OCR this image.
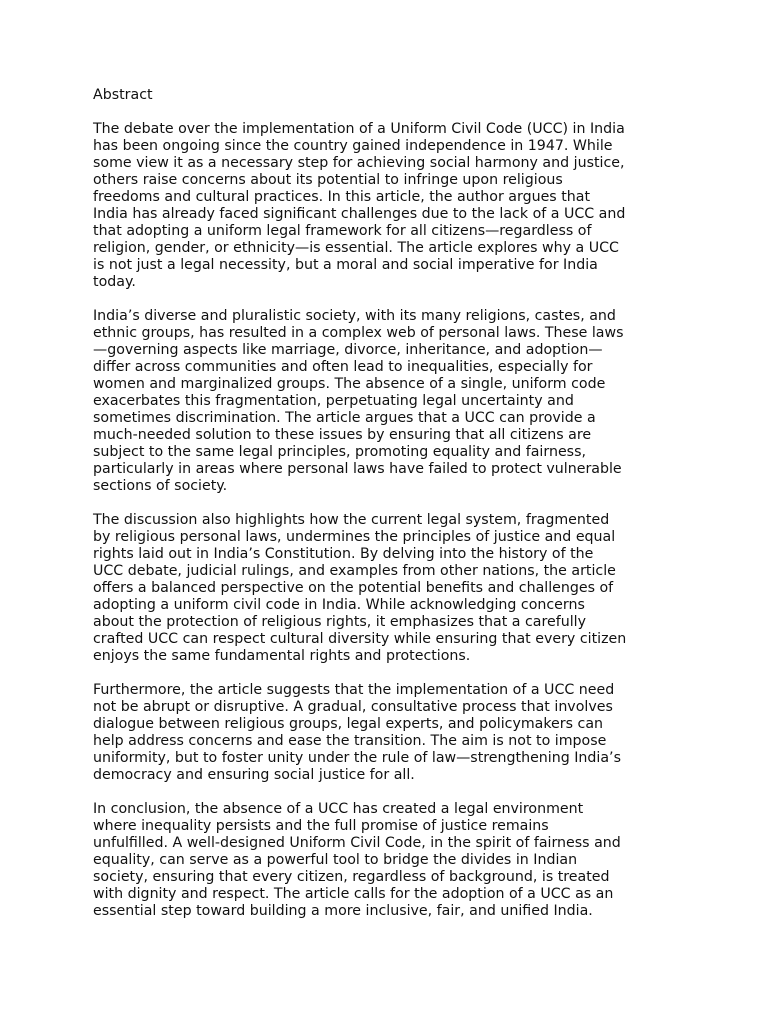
Abstract
The debate over the implementation of a Uniform Civil Code (UCC) in India
has been ongoing since the country gained independence in 1947. While
some view it as a necessary step for achieving social harmony and justice,
others raise concerns about its potential to infringe upon religious
freedoms and cultural practices. In this article, the author argues that
India has already faced significant challenges due to the lack of a UCC and
that adopting a uniform legal framework for all citizens—regardless of
religion, gender, or ethnicity—is essential. The article explores why a UCC
is not just a legal necessity, but a moral and social imperative for India
today.
India’s diverse and pluralistic society, with its many religions, castes, and
ethnic groups, has resulted in a complex web of personal laws. These laws
—governing aspects like marriage, divorce, inheritance, and adoption—
differ across communities and often lead to inequalities, especially for
women and marginalized groups. The absence of a single, uniform code
exacerbates this fragmentation, perpetuating legal uncertainty and
sometimes discrimination. The article argues that a UCC can provide a
much-needed solution to these issues by ensuring that all citizens are
subject to the same legal principles, promoting equality and fairness,
particularly in areas where personal laws have failed to protect vulnerable
sections of society.
The discussion also highlights how the current legal system, fragmented
by religious personal laws, undermines the principles of justice and equal
rights laid out in India’s Constitution. By delving into the history of the
UCC debate, judicial rulings, and examples from other nations, the article
offers a balanced perspective on the potential benefits and challenges of
adopting a uniform civil code in India. While acknowledging concerns
about the protection of religious rights, it emphasizes that a carefully
crafted UCC can respect cultural diversity while ensuring that every citizen
enjoys the same fundamental rights and protections.
Furthermore, the article suggests that the implementation of a UCC need
not be abrupt or disruptive. A gradual, consultative process that involves
dialogue between religious groups, legal experts, and policymakers can
help address concerns and ease the transition. The aim is not to impose
uniformity, but to foster unity under the rule of law—strengthening India’s
democracy and ensuring social justice for all.
In conclusion, the absence of a UCC has created a legal environment
where inequality persists and the full promise of justice remains
unfulfilled. A well-designed Uniform Civil Code, in the spirit of fairness and
equality, can serve as a powerful tool to bridge the divides in Indian
society, ensuring that every citizen, regardless of background, is treated
with dignity and respect. The article calls for the adoption of a UCC as an
essential step toward building a more inclusive, fair, and unified India.
